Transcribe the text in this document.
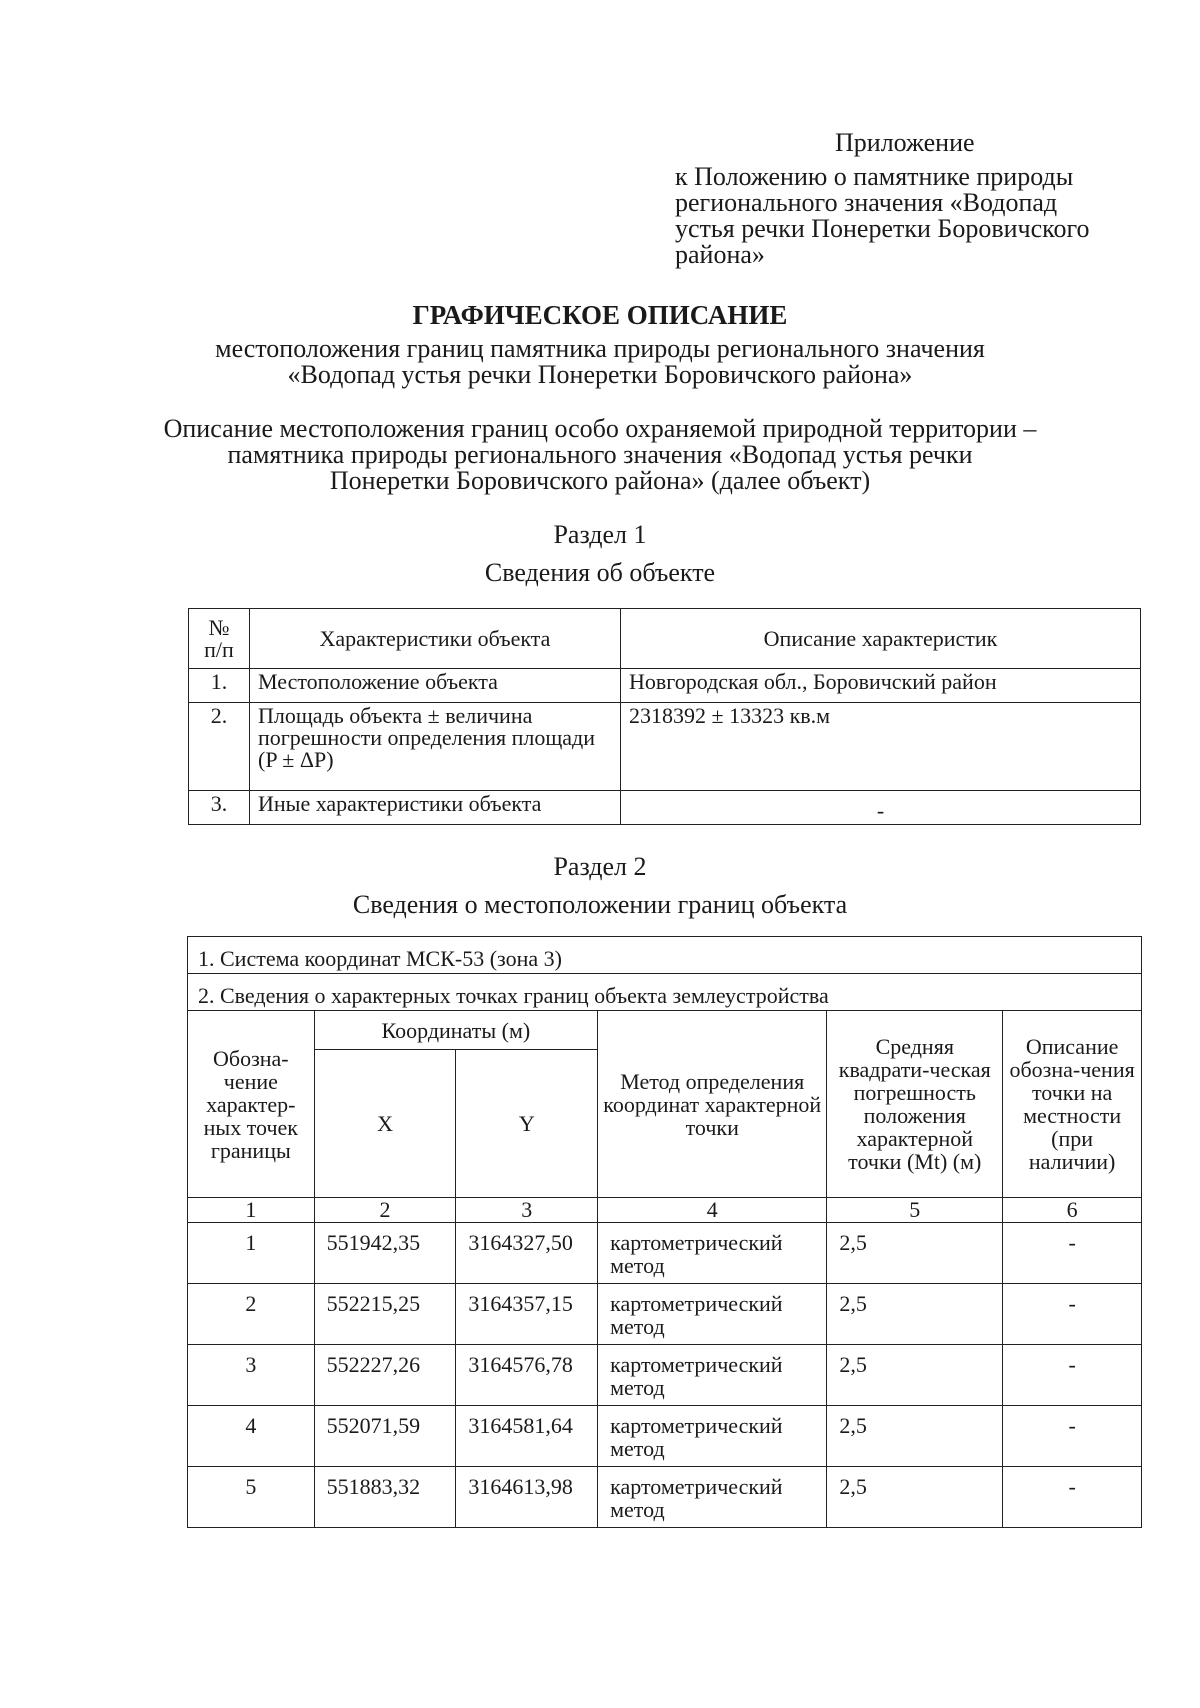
Приложение
к Положению о памятнике природы
регионального значения «Водопад
устья речки Понеретки Боровичского
района»
ГРАФИЧЕСКОЕ ОПИСАНИЕ
местоположения границ памятника природы регионального значения
«Водопад устья речки Понеретки Боровичского района»
Описание местоположения границ особо охраняемой природной территории –
памятника природы регионального значения «Водопад устья речки
Понеретки Боровичского района» (далее объект)
Раздел 1
Сведения об объекте
№ п/п	Характеристики объекта	Описание характеристик
1.	Местоположение объекта	Новгородская обл., Боровичский район
2.	Площадь объекта ± величина погрешности определения площади (P ± ΔP)	2318392 ± 13323 кв.м
3.	Иные характеристики объекта	-
Раздел 2
Сведения о местоположении границ объекта
1. Система координат МСК-53 (зона 3)					
2. Сведения о характерных точках границ объекта землеустройства					
Обозна-чение характер-ных точек границы	Координаты (м)		Метод определения координат характерной точки	Средняя квадрати-ческая погрешность положения характерной точки (Mt) (м)	Описание обозна-чения точки на местности (при наличии)
	X	Y			
1	2	3	4	5	6
1	551942,35	3164327,50	картометрический метод	2,5	-
2	552215,25	3164357,15	картометрический метод	2,5	-
3	552227,26	3164576,78	картометрический метод	2,5	-
4	552071,59	3164581,64	картометрический метод	2,5	-
5	551883,32	3164613,98	картометрический метод	2,5	-
